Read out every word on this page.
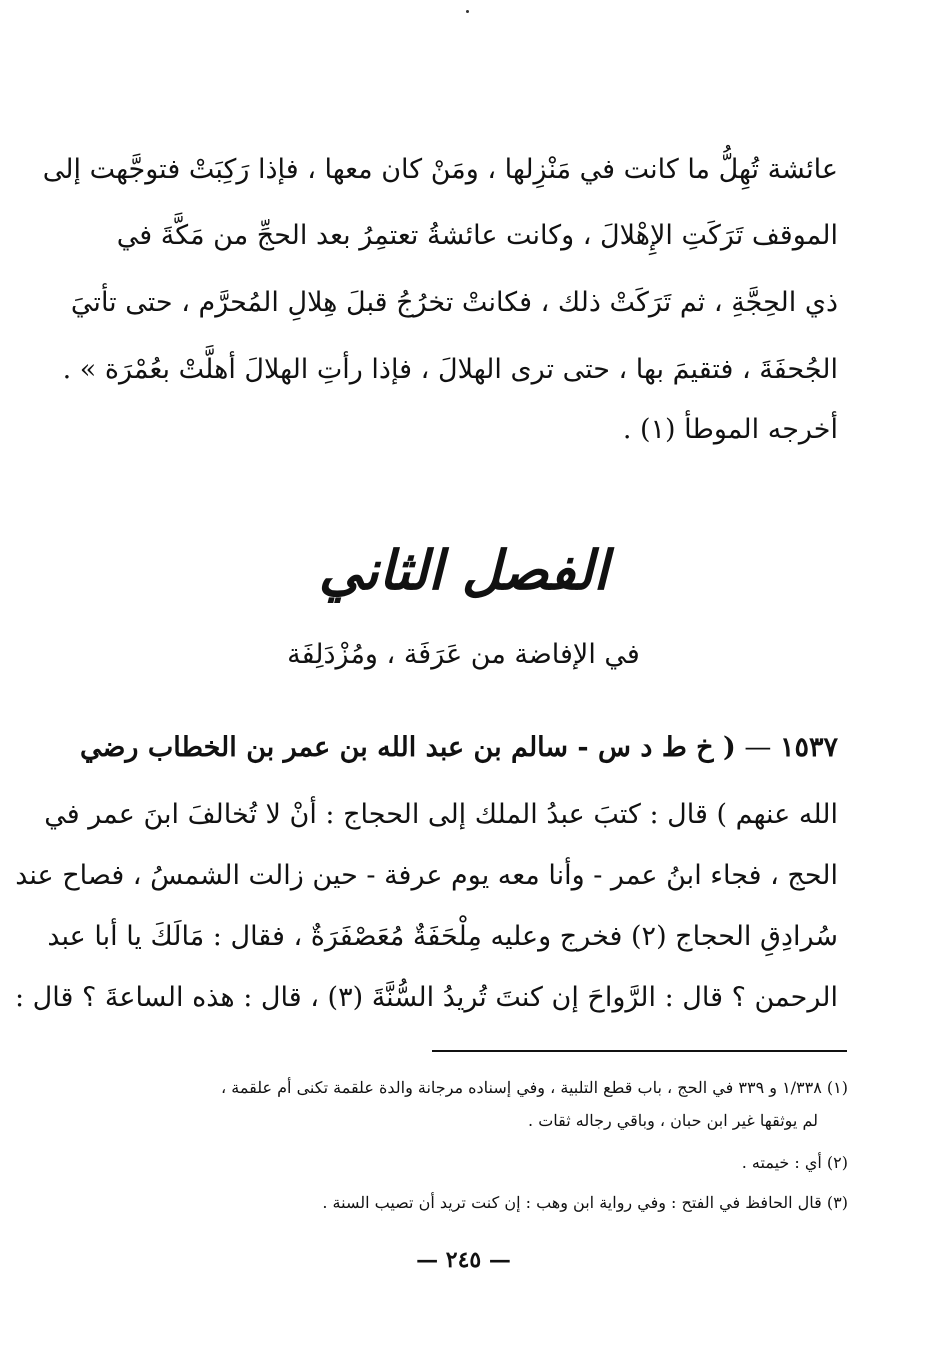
عائشة تُهِلُّ ما كانت في مَنْزِلها ، ومَنْ كان معها ، فإذا رَكِبَتْ فتوجَّهت إلى
الموقف تَرَكَتِ الإِهْلالَ ، وكانت عائشةُ تعتمِرُ بعد الحجِّ من مَكَّةَ في
ذي الحِجَّةِ ، ثم تَرَكَتْ ذلك ، فكانتْ تخرُجُ قبلَ هِلالِ المُحرَّم ، حتى تأتيَ
الجُحفَةَ ، فتقيمَ بها ، حتى ترى الهلالَ ، فإذا رأتِ الهلالَ أهلَّتْ بعُمْرَة » .
أخرجه الموطأ (١) .
الفصل الثاني
في الإفاضة من عَرَفَة ، ومُزْدَلِفَة
١٥٣٧ — ( خ ط د س - سالم بن عبد الله بن عمر بن الخطاب رضي
الله عنهم ) قال : كتبَ عبدُ الملك إلى الحجاج : أنْ لا تُخالفَ ابنَ عمر في
الحج ، فجاء ابنُ عمر - وأنا معه يوم عرفة - حين زالت الشمسُ ، فصاح عند
سُرادِقِ الحجاج (٢) فخرج وعليه مِلْحَفَةٌ مُعَصْفَرَةٌ ، فقال : مَالَكَ يا أبا عبد
الرحمن ؟ قال : الرَّواحَ إن كنتَ تُريدُ السُّنَّةَ (٣) ، قال : هذه الساعةَ ؟ قال :
(١) ١/٣٣٨ و ٣٣٩ في الحج ، باب قطع التلبية ، وفي إسناده مرجانة والدة علقمة تكنى أم علقمة ،
لم يوثقها غير ابن حبان ، وباقي رجاله ثقات .
(٢) أي : خيمته .
(٣) قال الحافظ في الفتح : وفي رواية ابن وهب : إن كنت تريد أن تصيب السنة .
— ٢٤٥ —
